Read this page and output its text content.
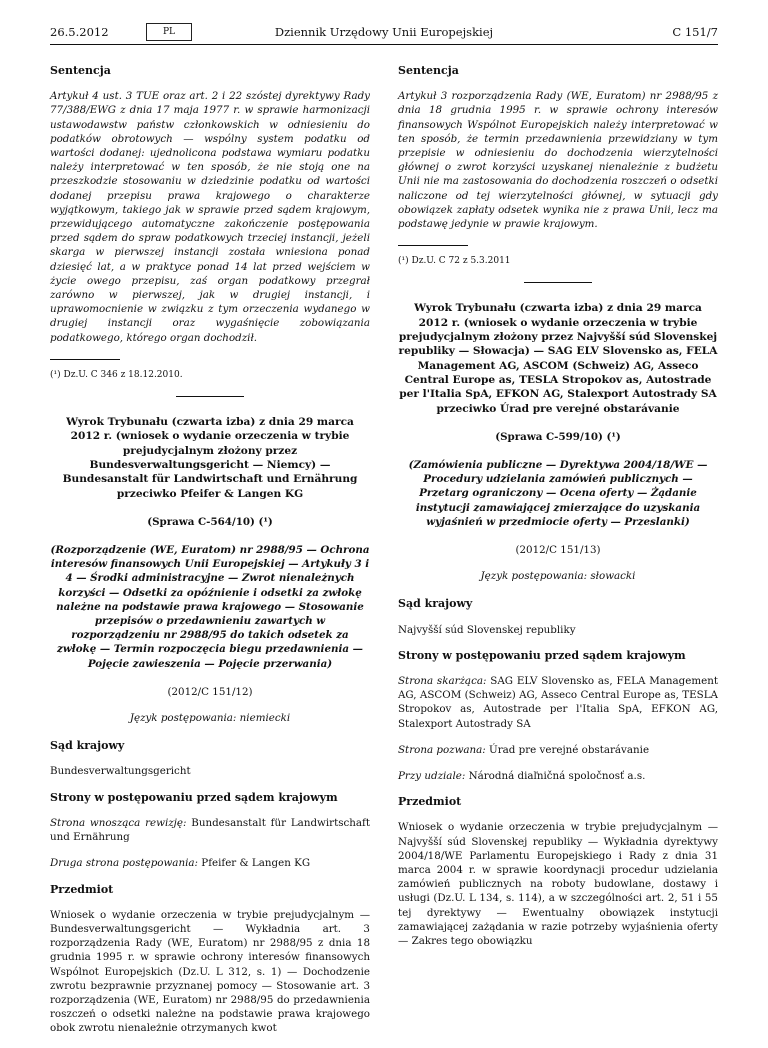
26.5.2012	PL	Dziennik Urzędowy Unii Europejskiej	C 151/7
Sentencja
Artykuł 4 ust. 3 TUE oraz art. 2 i 22 szóstej dyrektywy Rady 77/388/EWG z dnia 17 maja 1977 r. w sprawie harmonizacji ustawodawstw państw członkowskich w odniesieniu do podatków obrotowych — wspólny system podatku od wartości dodanej: ujednolicona podstawa wymiaru podatku należy interpretować w ten sposób, że nie stoją one na przeszkodzie stosowaniu w dziedzinie podatku od wartości dodanej przepisu prawa krajowego o charakterze wyjątkowym, takiego jak w sprawie przed sądem krajowym, przewidującego automatyczne zakończenie postępowania przed sądem do spraw podatkowych trzeciej instancji, jeżeli skarga w pierwszej instancji została wniesiona ponad dziesięć lat, a w praktyce ponad 14 lat przed wejściem w życie owego przepisu, zaś organ podatkowy przegrał zarówno w pierwszej, jak w drugiej instancji, i uprawomocnienie w związku z tym orzeczenia wydanego w drugiej instancji oraz wygaśnięcie zobowiązania podatkowego, którego organ dochodził.
(¹) Dz.U. C 346 z 18.12.2010.
Wyrok Trybunału (czwarta izba) z dnia 29 marca 2012 r. (wniosek o wydanie orzeczenia w trybie prejudycjalnym złożony przez Bundesverwaltungsgericht — Niemcy) — Bundesanstalt für Landwirtschaft und Ernährung przeciwko Pfeifer & Langen KG
(Sprawa C-564/10) (¹)
(Rozporządzenie (WE, Euratom) nr 2988/95 — Ochrona interesów finansowych Unii Europejskiej — Artykuły 3 i 4 — Środki administracyjne — Zwrot nienależnych korzyści — Odsetki za opóźnienie i odsetki za zwłokę należne na podstawie prawa krajowego — Stosowanie przepisów o przedawnieniu zawartych w rozporządzeniu nr 2988/95 do takich odsetek za zwłokę — Termin rozpoczęcia biegu przedawnienia — Pojęcie zawieszenia — Pojęcie przerwania)
(2012/C 151/12)
Język postępowania: niemiecki
Sąd krajowy
Bundesverwaltungsgericht
Strony w postępowaniu przed sądem krajowym
Strona wnosząca rewizję: Bundesanstalt für Landwirtschaft und Ernährung
Druga strona postępowania: Pfeifer & Langen KG
Przedmiot
Wniosek o wydanie orzeczenia w trybie prejudycjalnym — Bundesverwaltungsgericht — Wykładnia art. 3 rozporządzenia Rady (WE, Euratom) nr 2988/95 z dnia 18 grudnia 1995 r. w sprawie ochrony interesów finansowych Wspólnot Europejskich (Dz.U. L 312, s. 1) — Dochodzenie zwrotu bezprawnie przyznanej pomocy — Stosowanie art. 3 rozporządzenia (WE, Euratom) nr 2988/95 do przedawnienia roszczeń o odsetki należne na podstawie prawa krajowego obok zwrotu nienależnie otrzymanych kwot
Sentencja
Artykuł 3 rozporządzenia Rady (WE, Euratom) nr 2988/95 z dnia 18 grudnia 1995 r. w sprawie ochrony interesów finansowych Wspólnot Europejskich należy interpretować w ten sposób, że termin przedawnienia przewidziany w tym przepisie w odniesieniu do dochodzenia wierzytelności głównej o zwrot korzyści uzyskanej nienależnie z budżetu Unii nie ma zastosowania do dochodzenia roszczeń o odsetki naliczone od tej wierzytelności głównej, w sytuacji gdy obowiązek zapłaty odsetek wynika nie z prawa Unii, lecz ma podstawę jedynie w prawie krajowym.
(¹) Dz.U. C 72 z 5.3.2011
Wyrok Trybunału (czwarta izba) z dnia 29 marca 2012 r. (wniosek o wydanie orzeczenia w trybie prejudycjalnym złożony przez Najvyšší súd Slovenskej republiky — Słowacja) — SAG ELV Slovensko as, FELA Management AG, ASCOM (Schweiz) AG, Asseco Central Europe as, TESLA Stropokov as, Autostrade per l'Italia SpA, EFKON AG, Stalexport Autostrady SA przeciwko Úrad pre verejné obstarávanie
(Sprawa C-599/10) (¹)
(Zamówienia publiczne — Dyrektywa 2004/18/WE — Procedury udzielania zamówień publicznych — Przetarg ograniczony — Ocena oferty — Żądanie instytucji zamawiającej zmierzające do uzyskania wyjaśnień w przedmiocie oferty — Przeslanki)
(2012/C 151/13)
Język postępowania: słowacki
Sąd krajowy
Najvyšší súd Slovenskej republiky
Strony w postępowaniu przed sądem krajowym
Strona skarżąca: SAG ELV Slovensko as, FELA Management AG, ASCOM (Schweiz) AG, Asseco Central Europe as, TESLA Stropokov as, Autostrade per l'Italia SpA, EFKON AG, Stalexport Autostrady SA
Strona pozwana: Úrad pre verejné obstarávanie
Przy udziale: Národná diaľničná spoločnosť a.s.
Przedmiot
Wniosek o wydanie orzeczenia w trybie prejudycjalnym — Najvyšší súd Slovenskej republiky — Wykładnia dyrektywy 2004/18/WE Parlamentu Europejskiego i Rady z dnia 31 marca 2004 r. w sprawie koordynacji procedur udzielania zamówień publicznych na roboty budowlane, dostawy i usługi (Dz.U. L 134, s. 114), a w szczególności art. 2, 51 i 55 tej dyrektywy — Ewentualny obowiązek instytucji zamawiającej zażądania w razie potrzeby wyjaśnienia oferty — Zakres tego obowiązku
